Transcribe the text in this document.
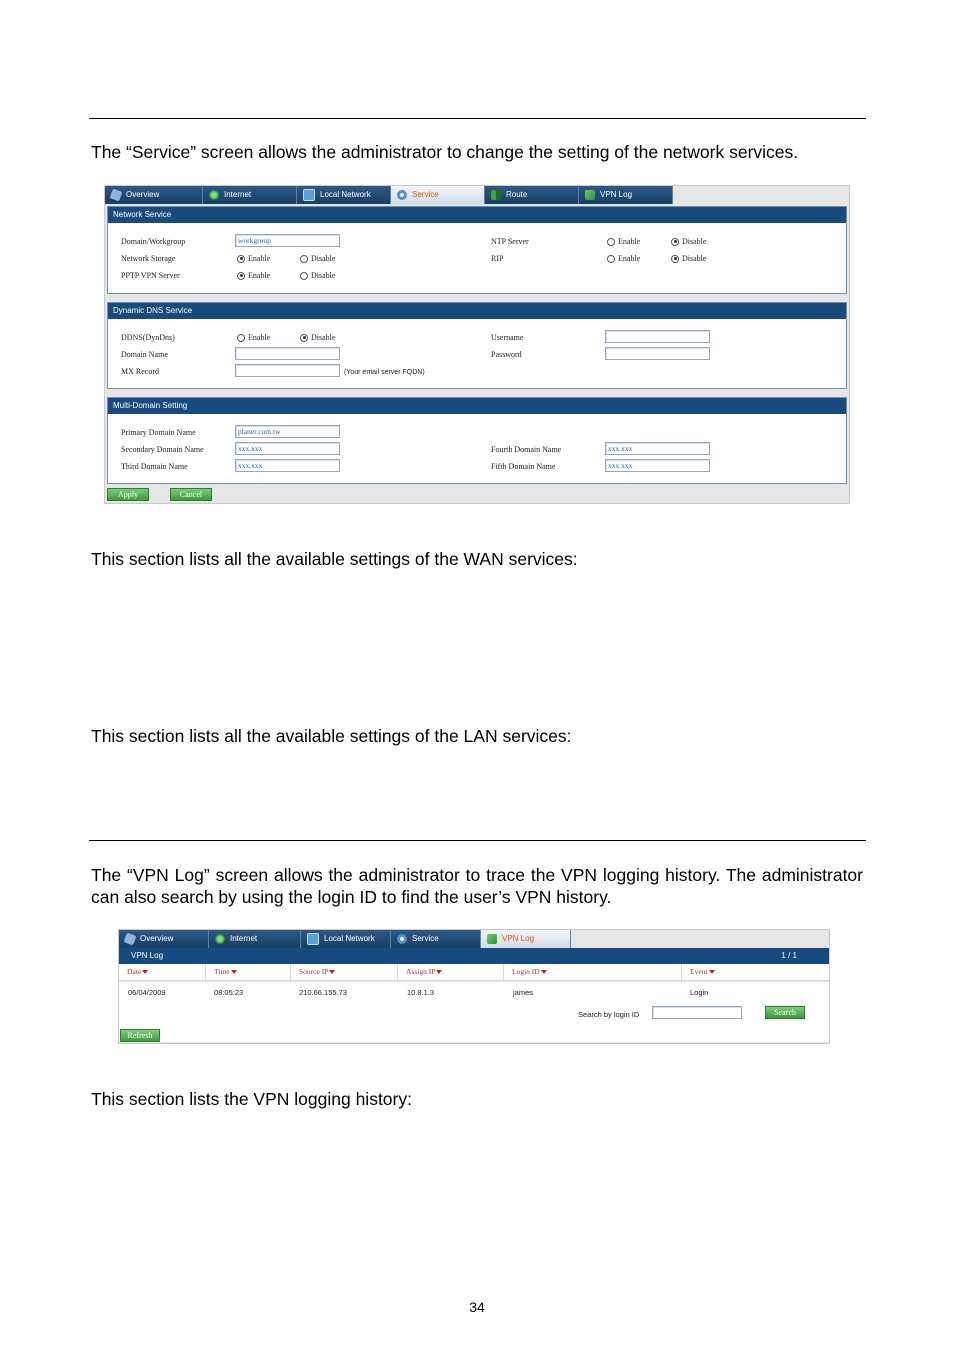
The “Service” screen allows the administrator to change the setting of the network services.
Overview	Internet	Local Network	Service	Route	VPN Log
Network Service
Domain/Workgroup	workgroup
Network Storage	Enable	Disable
PPTP VPN Server	Enable	Disable
NTP Server	Enable	Disable
RIP	Enable	Disable
Dynamic DNS Service
DDNS(DynDns)	Enable	Disable
Domain Name
MX Record	(Your email server FQDN)
Username
Password
Multi-Domain Setting
Primary Domain Name	planet.com.tw
Secondary Domain Name	xxx.xxx
Third Domain Name	xxx.xxx
Fourth Domain Name	xxx.xxx
Fifth Domain Name	xxx.xxx
Apply	Cancel
This section lists all the available settings of the WAN services:
This section lists all the available settings of the LAN services:
The “VPN Log” screen allows the administrator to trace the VPN logging history. The administrator can also search by using the login ID to find the user’s VPN history.
Overview	Internet	Local Network	Service	VPN Log
VPN Log	1 / 1
Date	Time	Source IP	Assign IP	Login ID	Event
06/04/2009	08:05:23	210.66.155.73	10.8.1.3	james	Login
Search by login ID	Search
Refresh
This section lists the VPN logging history:
34
